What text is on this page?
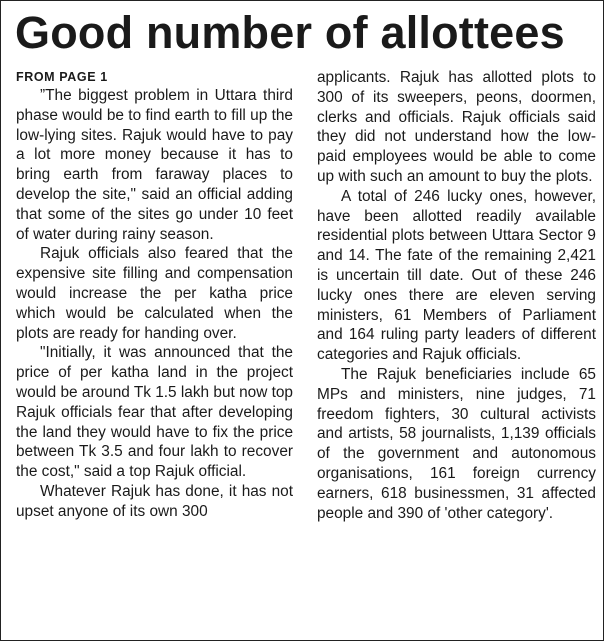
Good number of allottees
FROM PAGE 1

”The biggest problem in Uttara third phase would be to find earth to fill up the low-lying sites. Rajuk would have to pay a lot more money because it has to bring earth from faraway places to develop the site," said an official adding that some of the sites go under 10 feet of water during rainy season.

Rajuk officials also feared that the expensive site filling and compensation would increase the per katha price which would be calculated when the plots are ready for handing over.

"Initially, it was announced that the price of per katha land in the project would be around Tk 1.5 lakh but now top Rajuk officials fear that after developing the land they would have to fix the price between Tk 3.5 and four lakh to recover the cost," said a top Rajuk official.

Whatever Rajuk has done, it has not upset anyone of its own 300

applicants. Rajuk has allotted plots to 300 of its sweepers, peons, doormen, clerks and officials. Rajuk officials said they did not understand how the low-paid employees would be able to come up with such an amount to buy the plots.

A total of 246 lucky ones, however, have been allotted readily available residential plots between Uttara Sector 9 and 14. The fate of the remaining 2,421 is uncertain till date. Out of these 246 lucky ones there are eleven serving ministers, 61 Members of Parliament and 164 ruling party leaders of different categories and Rajuk officials.

The Rajuk beneficiaries include 65 MPs and ministers, nine judges, 71 freedom fighters, 30 cultural activists and artists, 58 journalists, 1,139 officials of the government and autonomous organisations, 161 foreign currency earners, 618 businessmen, 31 affected people and 390 of 'other category'.
